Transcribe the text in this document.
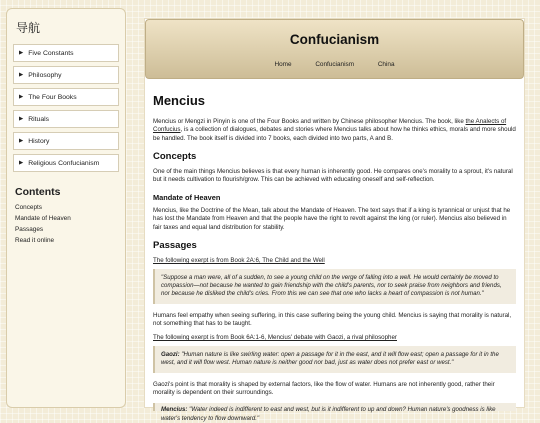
导航
▶ Five Constants
▶ Philosophy
▶ The Four Books
▶ Rituals
▶ History
▶ Religious Confucianism
Contents
Concepts
Mandate of Heaven
Passages
Read it online
Confucianism
Home	Confucianism	China
Mencius

Mencius or Mengzi in Pinyin is one of the Four Books and written by Chinese philosopher Mencius. The book, like the Analects of Confucius, is a collection of dialogues, debates and stories where Mencius talks about how he thinks ethics, morals and more should be handled. The book itself is divided into 7 books, each divided into two parts, A and B.

Concepts

One of the main things Mencius believes is that every human is inherently good. He compares one's morality to a sprout, it's natural but it needs cultivation to flourish/grow. This can be achieved with educating oneself and self-reflection.

Mandate of Heaven

Mencius, like the Doctrine of the Mean, talk about the Mandate of Heaven. The text says that if a king is tyrannical or unjust that he has lost the Mandate from Heaven and that the people have the right to revolt against the king (or ruler). Mencius also believed in fair taxes and equal land distribution for stability.

Passages
The following exerpt is from Book 2A:6, The Child and the Well
"Suppose a man were, all of a sudden, to see a young child on the verge of falling into a well. He would certainly be moved to compassion—not because he wanted to gain friendship with the child's parents, nor to seek praise from neighbors and friends, nor because he disliked the child's cries. From this we can see that one who lacks a heart of compassion is not human."

Humans feel empathy when seeing suffering, in this case suffering being the young child. Mencius is saying that morality is natural, not something that has to be taught.

The following exerpt is from Book 6A:1-6, Mencius' debate with Gaozi, a rival philosopher
Gaozi: "Human nature is like swirling water: open a passage for it in the east, and it will flow east; open a passage for it in the west, and it will flow west. Human nature is neither good nor bad, just as water does not prefer east or west."

Gaozi's point is that morality is shaped by external factors, like the flow of water. Humans are not inherently good, rather their morality is dependent on their surroundings.

Mencius: "Water indeed is indifferent to east and west, but is it indifferent to up and down? Human nature's goodness is like water's tendency to flow downward."
